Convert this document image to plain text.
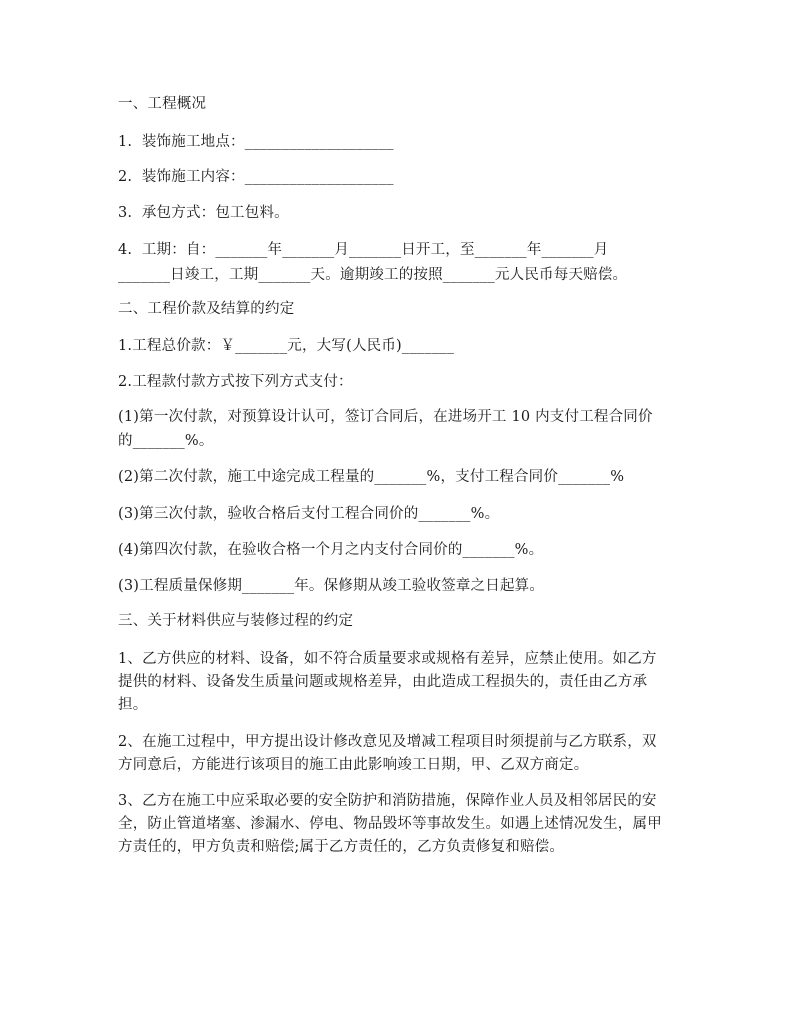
一、工程概况
1.  装饰施工地点：____________________
2.  装饰施工内容：____________________
3.  承包方式：包工包料。
4.  工期：自：_______年_______月_______日开工，至_______年_______月
_______日竣工，工期_______天。逾期竣工的按照_______元人民币每天赔偿。
二、工程价款及结算的约定
1.工程总价款：￥_______元，大写(人民币)_______
2.工程款付款方式按下列方式支付：
(1)第一次付款，对预算设计认可，签订合同后，在进场开工 10 内支付工程合同价
的_______%。
(2)第二次付款，施工中途完成工程量的_______%，支付工程合同价_______%
(3)第三次付款，验收合格后支付工程合同价的_______%。
(4)第四次付款，在验收合格一个月之内支付合同价的_______%。
(3)工程质量保修期_______年。保修期从竣工验收签章之日起算。
三、关于材料供应与装修过程的约定
1、乙方供应的材料、设备，如不符合质量要求或规格有差异，应禁止使用。如乙方提供的材料、设备发生质量问题或规格差异，由此造成工程损失的，责任由乙方承担。
2、在施工过程中，甲方提出设计修改意见及增减工程项目时须提前与乙方联系，双方同意后，方能进行该项目的施工由此影响竣工日期，甲、乙双方商定。
3、乙方在施工中应采取必要的安全防护和消防措施，保障作业人员及相邻居民的安全，防止管道堵塞、渗漏水、停电、物品毁坏等事故发生。如遇上述情况发生，属甲方责任的，甲方负责和赔偿;属于乙方责任的，乙方负责修复和赔偿。
